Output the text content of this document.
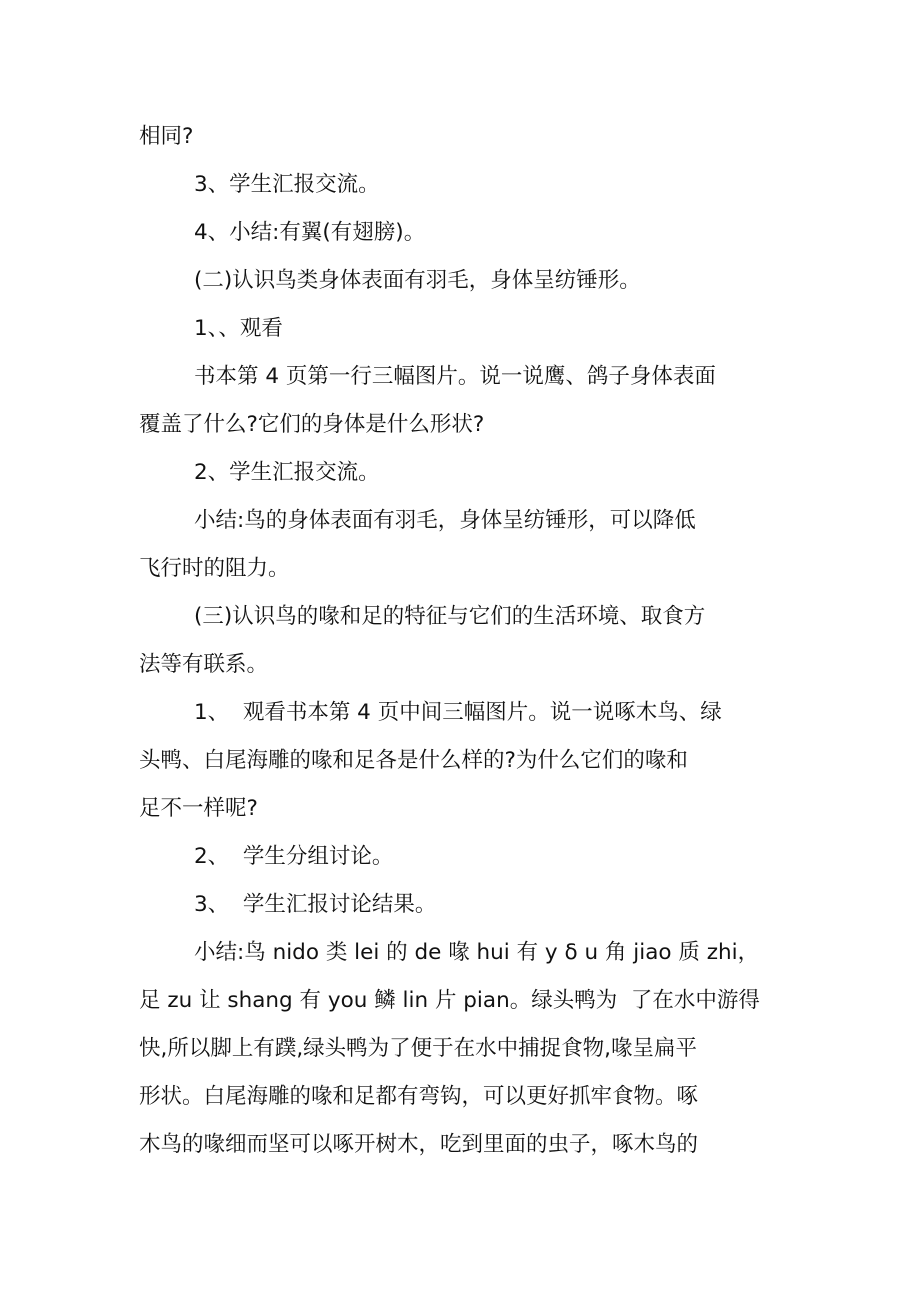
相同?
3、学生汇报交流。
4、小结:有翼(有翅膀)。
(二)认识鸟类身体表面有羽毛，身体呈纺锤形。
1、、观看
书本第 4 页第一行三幅图片。说一说鹰、鸽子身体表面
覆盖了什么?它们的身体是什么形状?
2、学生汇报交流。
小结:鸟的身体表面有羽毛，身体呈纺锤形，可以降低
飞行时的阻力。
(三)认识鸟的喙和足的特征与它们的生活环境、取食方
法等有联系。
1、  观看书本第 4 页中间三幅图片。说一说啄木鸟、绿
头鸭、白尾海雕的喙和足各是什么样的?为什么它们的喙和
足不一样呢?
2、  学生分组讨论。
3、  学生汇报讨论结果。
小结:鸟 nido 类 lei 的 de 喙 hui 有 y δ u 角 jiao 质 zhi，
足 zu 让 shang 有 you 鳞 lin 片 pian。绿头鸭为  了在水中游得
快,所以脚上有蹼,绿头鸭为了便于在水中捕捉食物,喙呈扁平
形状。白尾海雕的喙和足都有弯钩，可以更好抓牢食物。啄
木鸟的喙细而坚可以啄开树木，吃到里面的虫子，啄木鸟的
